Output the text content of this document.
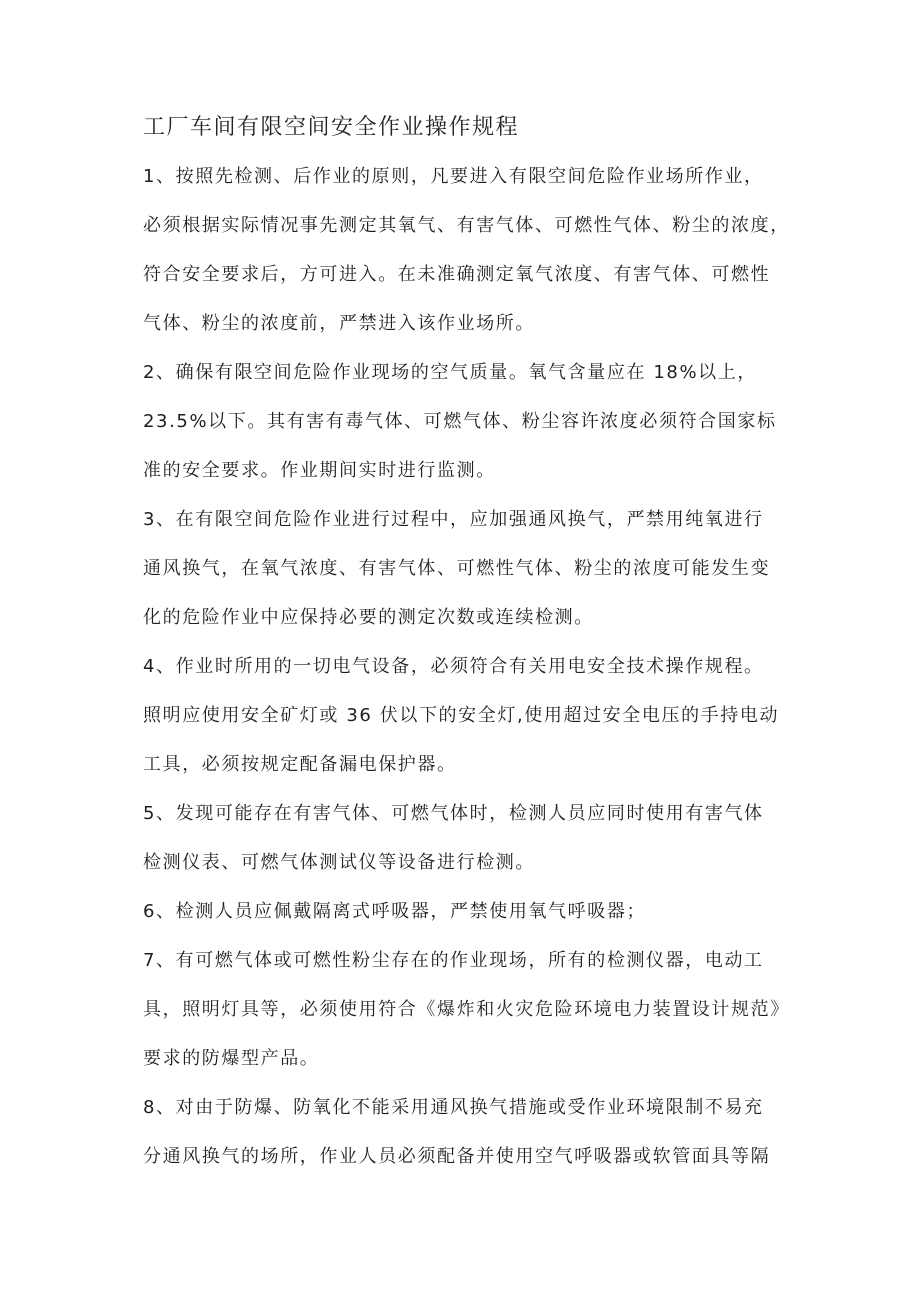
工厂车间有限空间安全作业操作规程
1、按照先检测、后作业的原则，凡要进入有限空间危险作业场所作业，
必须根据实际情况事先测定其氧气、有害气体、可燃性气体、粉尘的浓度，
符合安全要求后，方可进入。在未准确测定氧气浓度、有害气体、可燃性
气体、粉尘的浓度前，严禁进入该作业场所。
2、确保有限空间危险作业现场的空气质量。氧气含量应在 18%以上，
23.5%以下。其有害有毒气体、可燃气体、粉尘容许浓度必须符合国家标
准的安全要求。作业期间实时进行监测。
3、在有限空间危险作业进行过程中，应加强通风换气，严禁用纯氧进行
通风换气，在氧气浓度、有害气体、可燃性气体、粉尘的浓度可能发生变
化的危险作业中应保持必要的测定次数或连续检测。
4、作业时所用的一切电气设备，必须符合有关用电安全技术操作规程。
照明应使用安全矿灯或 36 伏以下的安全灯,使用超过安全电压的手持电动
工具，必须按规定配备漏电保护器。
5、发现可能存在有害气体、可燃气体时，检测人员应同时使用有害气体
检测仪表、可燃气体测试仪等设备进行检测。
6、检测人员应佩戴隔离式呼吸器，严禁使用氧气呼吸器；
7、有可燃气体或可燃性粉尘存在的作业现场，所有的检测仪器，电动工
具，照明灯具等，必须使用符合《爆炸和火灾危险环境电力装置设计规范》
要求的防爆型产品。
8、对由于防爆、防氧化不能采用通风换气措施或受作业环境限制不易充
分通风换气的场所，作业人员必须配备并使用空气呼吸器或软管面具等隔
